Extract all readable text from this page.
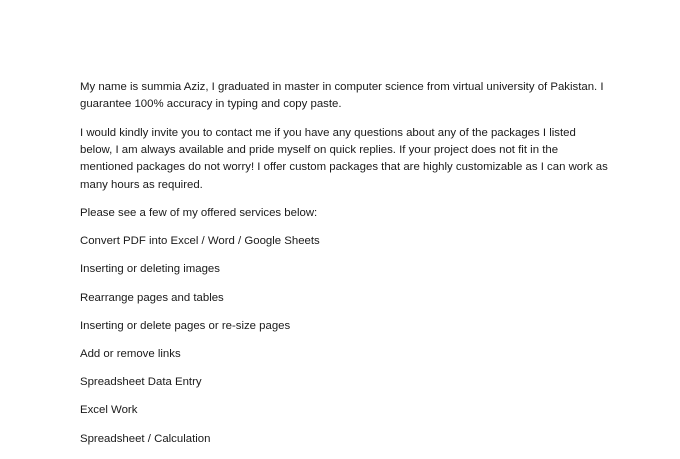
My name is summia Aziz, I graduated in master in computer science from virtual university of Pakistan. I
guarantee 100% accuracy in typing and copy paste.

I would kindly invite you to contact me if you have any questions about any of the packages I listed
below, I am always available and pride myself on quick replies. If your project does not fit in the
mentioned packages do not worry! I offer custom packages that are highly customizable as I can work as
many hours as required.

Please see a few of my offered services below:

Convert PDF into Excel / Word / Google Sheets

Inserting or deleting images

Rearrange pages and tables

Inserting or delete pages or re-size pages

Add or remove links

Spreadsheet Data Entry

Excel Work

Spreadsheet / Calculation
